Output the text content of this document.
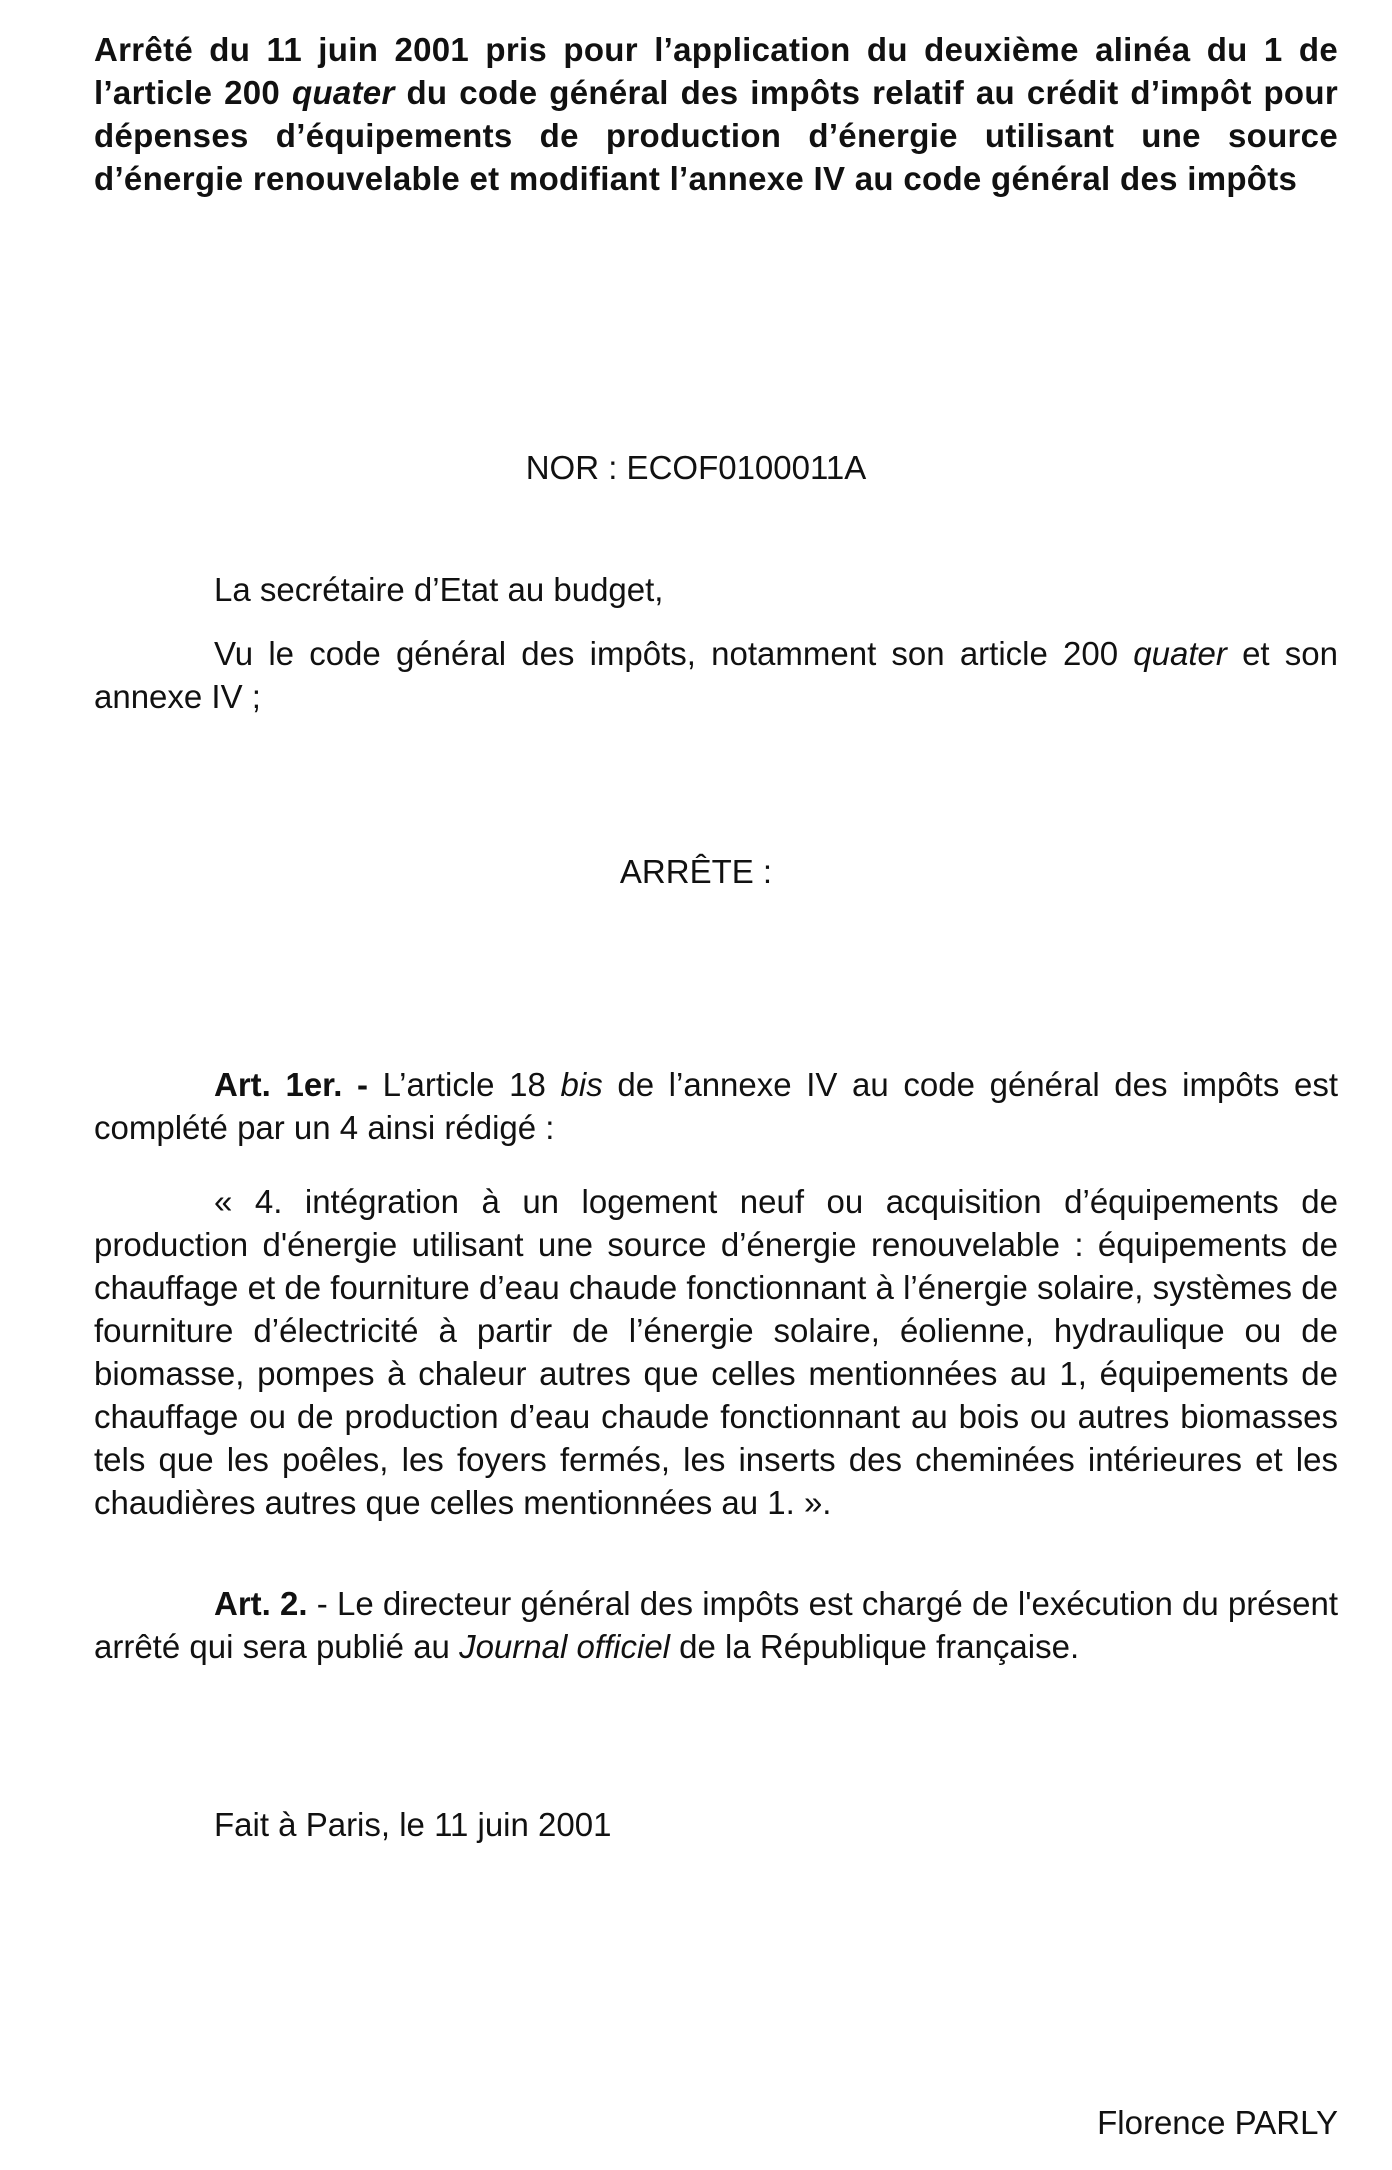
Arrêté du 11 juin 2001 pris pour l’application du deuxième alinéa du 1 de l’article 200 quater du code général des impôts relatif au crédit d’impôt pour dépenses d’équipements de production d’énergie utilisant une source d’énergie renouvelable et modifiant l’annexe IV au code général des impôts
NOR : ECOF0100011A
La secrétaire d’Etat au budget,
Vu le code général des impôts, notamment son article 200 quater et son annexe IV ;
ARRÊTE :
Art. 1er. - L’article 18 bis de l’annexe IV au code général des impôts est complété par un 4 ainsi rédigé :
« 4. intégration à un logement neuf ou acquisition d’équipements de production d'énergie utilisant une source d’énergie renouvelable : équipements de chauffage et de fourniture d’eau chaude fonctionnant à l’énergie solaire, systèmes de fourniture d’électricité à partir de l’énergie solaire, éolienne, hydraulique ou de biomasse, pompes à chaleur autres que celles mentionnées au 1, équipements de chauffage ou de production d’eau chaude fonctionnant au bois ou autres biomasses tels que les poêles, les foyers fermés, les inserts des cheminées intérieures et les chaudières autres que celles mentionnées au 1. ».
Art. 2. - Le directeur général des impôts est chargé de l'exécution du présent arrêté qui sera publié au Journal officiel de la République française.
Fait à Paris, le 11 juin 2001
Florence PARLY
